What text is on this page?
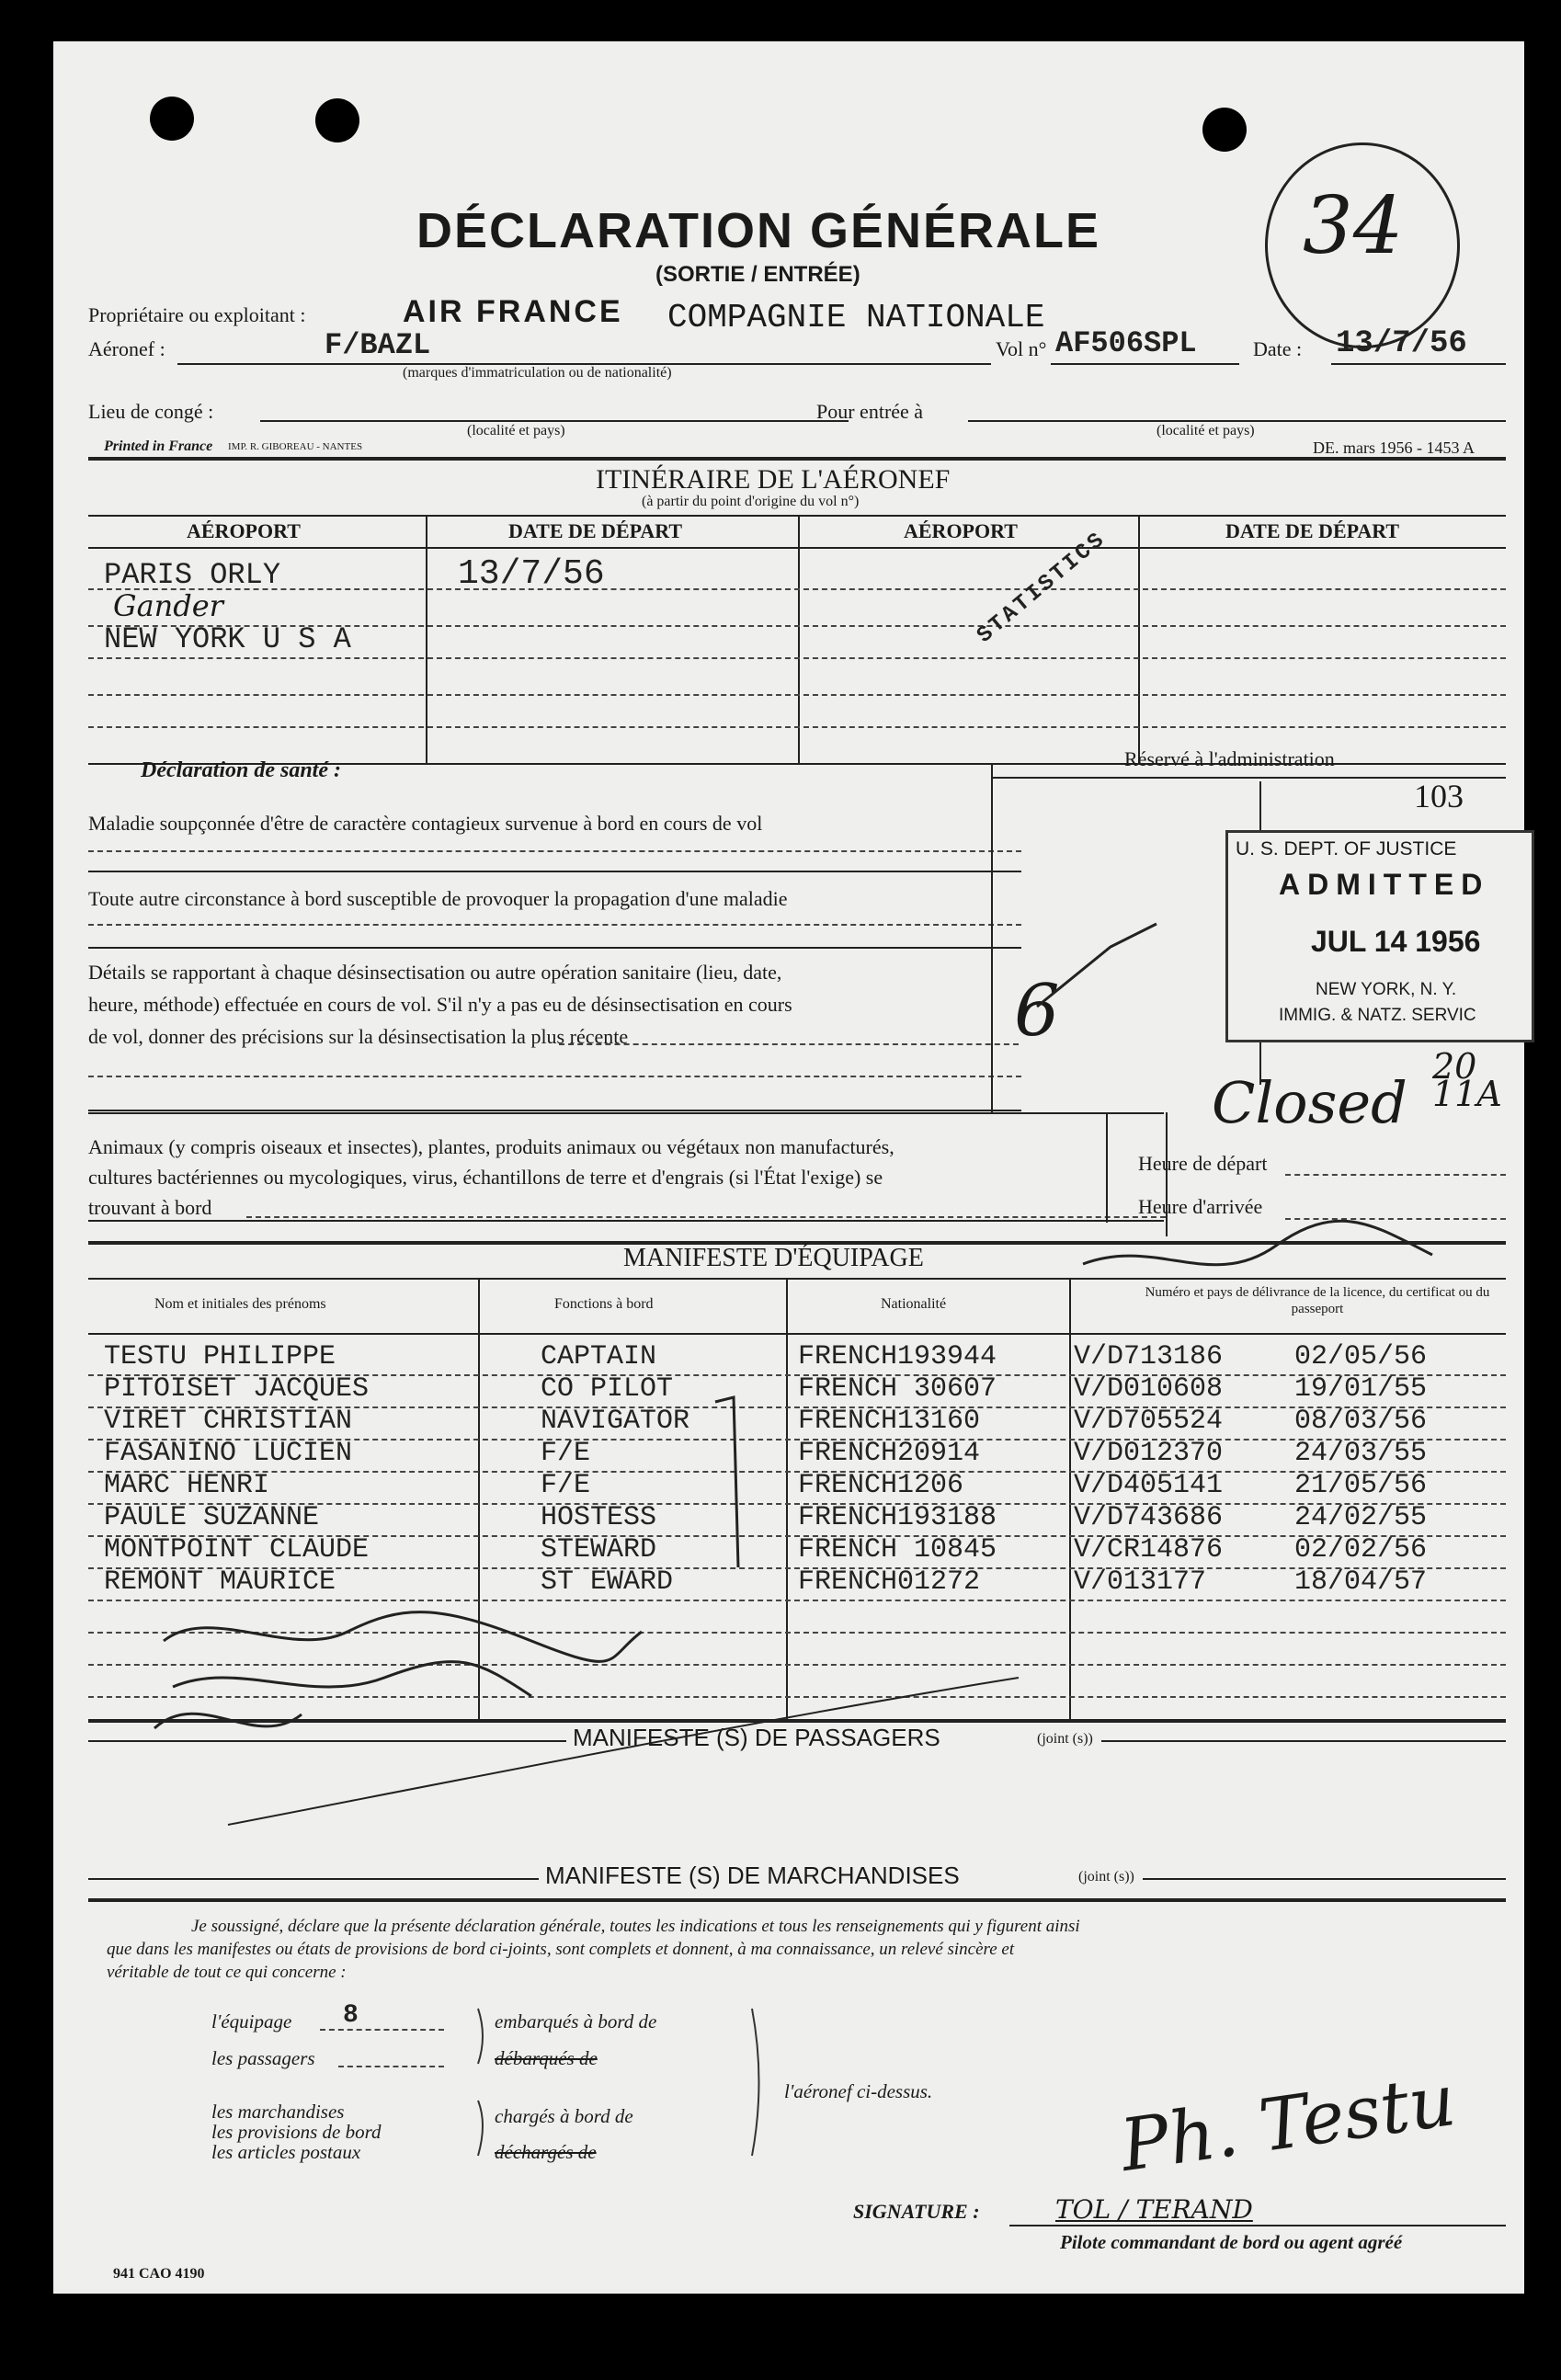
DÉCLARATION GÉNÉRALE
(SORTIE / ENTRÉE)
34
Propriétaire ou exploitant :	AIR FRANCE COMPAGNIE NATIONALE
Aéronef :	F/BAZL
(marques d'immatriculation ou de nationalité)
Vol n° AF506SPL	Date : 13/7/56
Lieu de congé :
(localité et pays)
Pour entrée à
(localité et pays)
Printed in France IMP. R. GIBOREAU - NANTES	DE. mars 1956 - 1453 A
ITINÉRAIRE DE L'AÉRONEF
(à partir du point d'origine du vol n°)
AÉROPORT	DATE DE DÉPART	AÉROPORT	DATE DE DÉPART
PARIS ORLY	13/7/56
Gander
NEW YORK U S A	STATISTICS
Déclaration de santé :
Maladie soupçonnée d'être de caractère contagieux survenue à bord en cours de vol
Toute autre circonstance à bord susceptible de provoquer la propagation d'une maladie
Détails se rapportant à chaque désinsectisation ou autre opération sanitaire (lieu, date,
heure, méthode) effectuée en cours de vol. S'il n'y a pas eu de désinsectisation en cours
de vol, donner des précisions sur la désinsectisation la plus récente
Réservé à l'administration
103
U. S. DEPT. OF JUSTICE
ADMITTED
JUL 14 1956
NEW YORK, N. Y.
IMMIG. & NATZ. SERVIC
6
Closed
20 11A
Animaux (y compris oiseaux et insectes), plantes, produits animaux ou végétaux non manufacturés,
cultures bactériennes ou mycologiques, virus, échantillons de terre et d'engrais (si l'État l'exige) se
trouvant à bord
Heure de départ
Heure d'arrivée
MANIFESTE D'ÉQUIPAGE
Nom et initiales des prénoms	Fonctions à bord	Nationalité
Numéro et pays de délivrance de la licence, du certificat ou du passeport
TESTU PHILIPPE	CAPTAIN	FRENCH193944	V/D713186	02/05/56
PITOISET JACQUES	CO PILOT	FRENCH 30607	V/D010608	19/01/55
VIRET CHRISTIAN	NAVIGATOR	FRENCH13160	V/D705524	08/03/56
FASANINO LUCIEN	F/E	FRENCH20914	V/D012370	24/03/55
MARC HENRI	F/E	FRENCH1206	V/D405141	21/05/56
PAULE SUZANNE	HOSTESS	FRENCH193188	V/D743686	24/02/55
MONTPOINT CLAUDE	STEWARD	FRENCH 10845	V/CR14876	02/02/56
REMONT MAURICE	ST EWARD	FRENCH01272	V/013177	18/04/57
MANIFESTE (S) DE PASSAGERS	(joint (s))
MANIFESTE (S) DE MARCHANDISES	(joint (s))
Je soussigné, déclare que la présente déclaration générale, toutes les indications et tous les renseignements qui y figurent ainsi
que dans les manifestes ou états de provisions de bord ci-joints, sont complets et donnent, à ma connaissance, un relevé sincère et
véritable de tout ce qui concerne :
l'équipage 8
les passagers
embarqués à bord de
débarqués de
l'aéronef ci-dessus.
les marchandises
les provisions de bord
les articles postaux
chargés à bord de
déchargés de
SIGNATURE :
Ph. Testu
TOL / TERAND
Pilote commandant de bord ou agent agréé
941 CAO 4190
